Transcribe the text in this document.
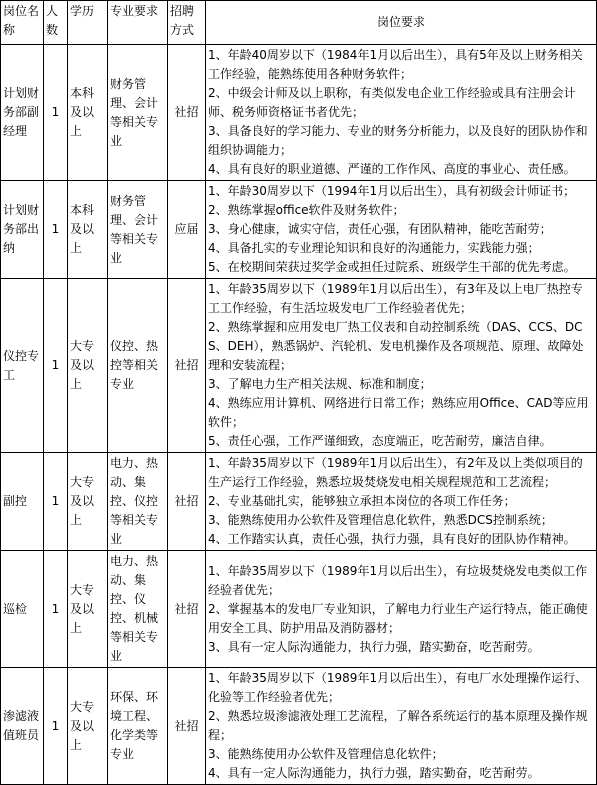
岗位名称	人数	学历	专业要求	招聘方式	岗位要求
计划财务部副经理	1	本科及以上	财务管理、会计等相关专业	社招	1、年龄40周岁以下（1984年1月以后出生），具有5年及以上财务相关工作经验，能熟练使用各种财务软件；
2、中级会计师及以上职称，有类似发电企业工作经验或具有注册会计师、税务师资格证书者优先；
3、具备良好的学习能力、专业的财务分析能力，以及良好的团队协作和组织协调能力；
4、具有良好的职业道德、严谨的工作作风、高度的事业心、责任感。

计划财务部出纳	1	本科及以上	财务管理、会计等相关专业	应届	1、年龄30周岁以下（1994年1月以后出生），具有初级会计师证书；
2、熟练掌握office软件及财务软件；
3、身心健康，诚实守信，责任心强，有团队精神，能吃苦耐劳；
4、具备扎实的专业理论知识和良好的沟通能力，实践能力强；
5、在校期间荣获过奖学金或担任过院系、班级学生干部的优先考虑。

仪控专工	1	大专及以上	仪控、热控等相关专业	社招	1、年龄35周岁以下（1989年1月以后出生），有3年及以上电厂热控专工工作经验，有生活垃圾发电厂工作经验者优先；
2、熟练掌握和应用发电厂热工仪表和自动控制系统（DAS、CCS、DCS、DEH），熟悉锅炉、汽轮机、发电机操作及各项规范、原理、故障处理和安装流程；
3、了解电力生产相关法规、标准和制度；
4、熟练应用计算机、网络进行日常工作；熟练应用Office、CAD等应用软件；
5、责任心强，工作严谨细致，态度端正，吃苦耐劳，廉洁自律。

副控	1	大专及以上	电力、热动、集控、仪控等相关专业	社招	1、年龄35周岁以下（1989年1月以后出生），有2年及以上类似项目的生产运行工作经验，熟悉垃圾焚烧发电相关规程规范和工艺流程；
2、专业基础扎实，能够独立承担本岗位的各项工作任务；
3、能熟练使用办公软件及管理信息化软件，熟悉DCS控制系统；
4、工作踏实认真，责任心强，执行力强，具有良好的团队协作精神。

巡检	1	大专及以上	电力、热动、集控、仪控、机械等相关专业	社招	1、年龄35周岁以下（1989年1月以后出生），有垃圾焚烧发电类似工作经验者优先；
2、掌握基本的发电厂专业知识，了解电力行业生产运行特点，能正确使用安全工具、防护用品及消防器材；
3、具有一定人际沟通能力，执行力强，踏实勤奋，吃苦耐劳。

渗滤液值班员	1	大专及以上	环保、环境工程、化学类等专业	社招	1、年龄35周岁以下（1989年1月以后出生），有电厂水处理操作运行、化验等工作经验者优先；
2、熟悉垃圾渗滤液处理工艺流程，了解各系统运行的基本原理及操作规程；
3、能熟练使用办公软件及管理信息化软件；
4、具有一定人际沟通能力，执行力强，踏实勤奋，吃苦耐劳。
